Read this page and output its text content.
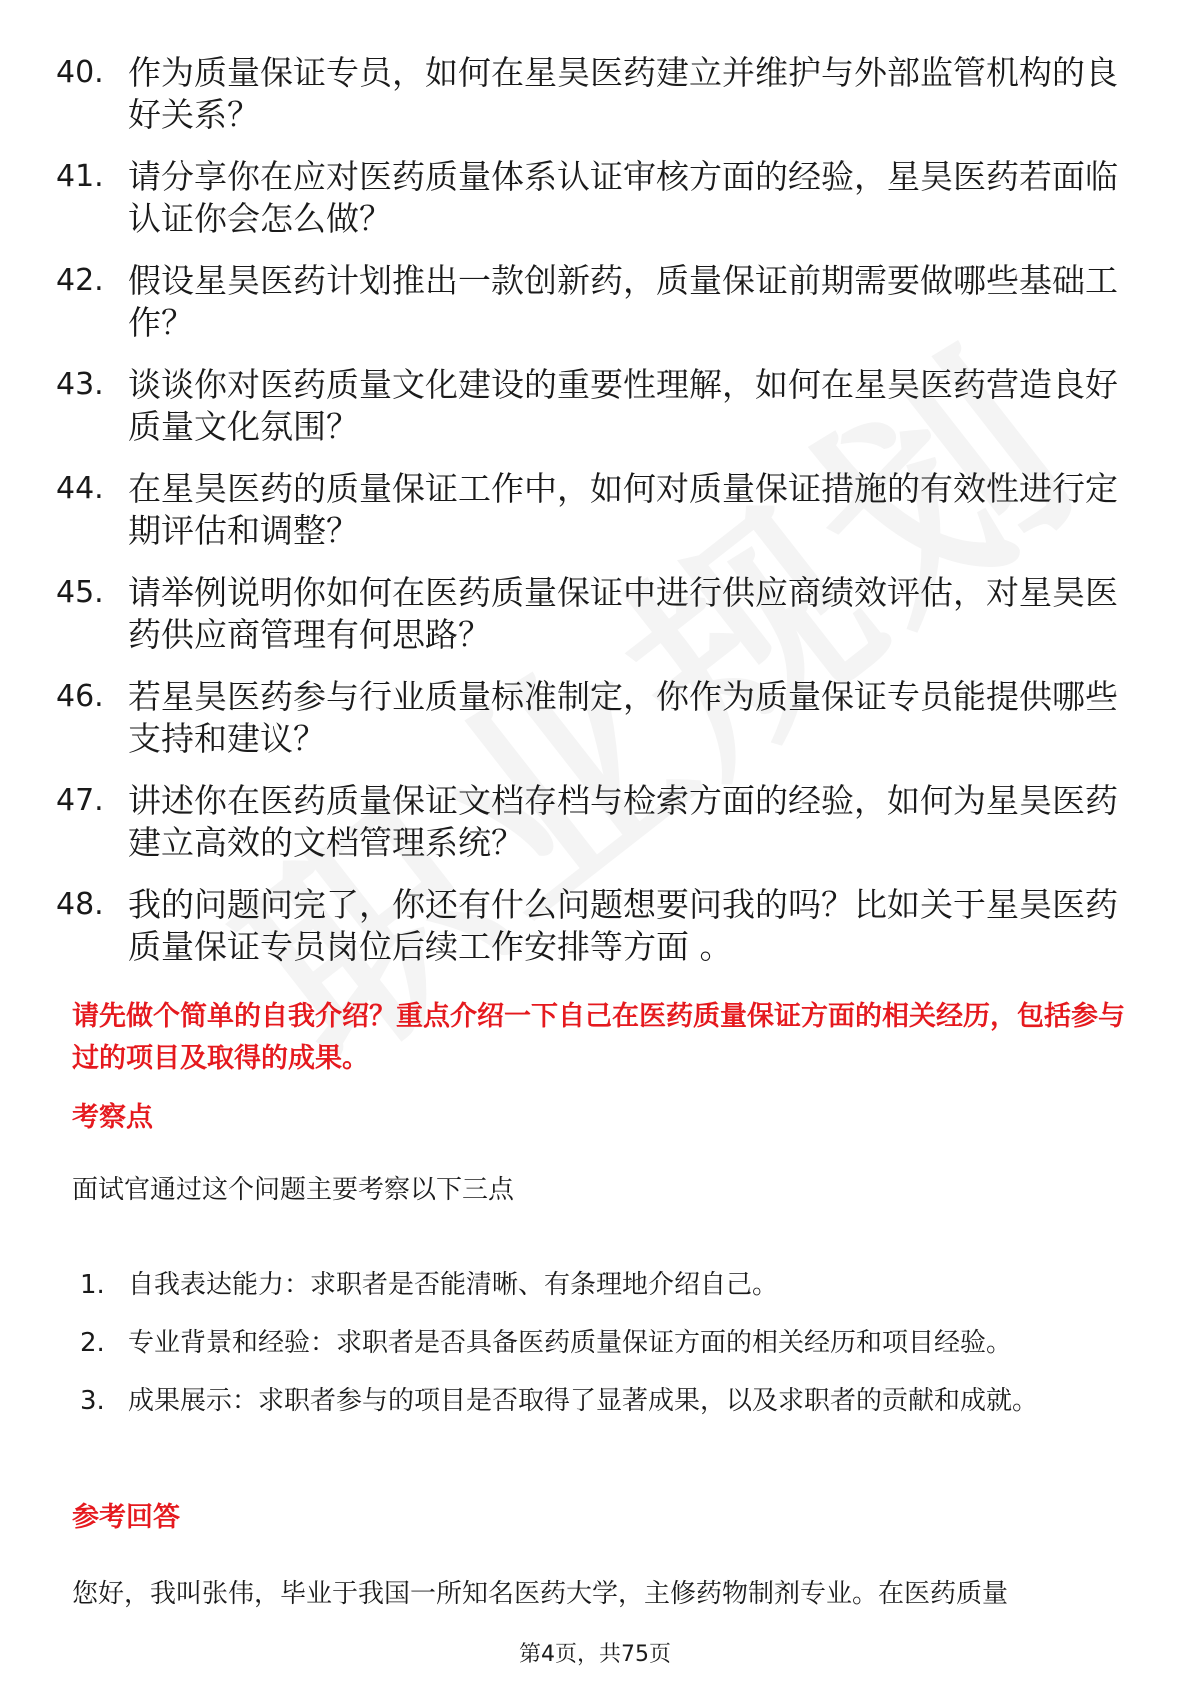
40. 作为质量保证专员，如何在星昊医药建立并维护与外部监管机构的良好关系？
41. 请分享你在应对医药质量体系认证审核方面的经验，星昊医药若面临认证你会怎么做？
42. 假设星昊医药计划推出一款创新药，质量保证前期需要做哪些基础工作？
43. 谈谈你对医药质量文化建设的重要性理解，如何在星昊医药营造良好质量文化氛围？
44. 在星昊医药的质量保证工作中，如何对质量保证措施的有效性进行定期评估和调整？
45. 请举例说明你如何在医药质量保证中进行供应商绩效评估，对星昊医药供应商管理有何思路？
46. 若星昊医药参与行业质量标准制定，你作为质量保证专员能提供哪些支持和建议？
47. 讲述你在医药质量保证文档存档与检索方面的经验，如何为星昊医药建立高效的文档管理系统？
48. 我的问题问完了，你还有什么问题想要问我的吗？比如关于星昊医药质量保证专员岗位后续工作安排等方面 。

请先做个简单的自我介绍？重点介绍一下自己在医药质量保证方面的相关经历，包括参与过的项目及取得的成果。

考察点

面试官通过这个问题主要考察以下三点

1. 自我表达能力：求职者是否能清晰、有条理地介绍自己。
2. 专业背景和经验：求职者是否具备医药质量保证方面的相关经历和项目经验。
3. 成果展示：求职者参与的项目是否取得了显著成果，以及求职者的贡献和成就。
参考回答

您好，我叫张伟，毕业于我国一所知名医药大学，主修药物制剂专业。在医药质量

第4页，共75页
